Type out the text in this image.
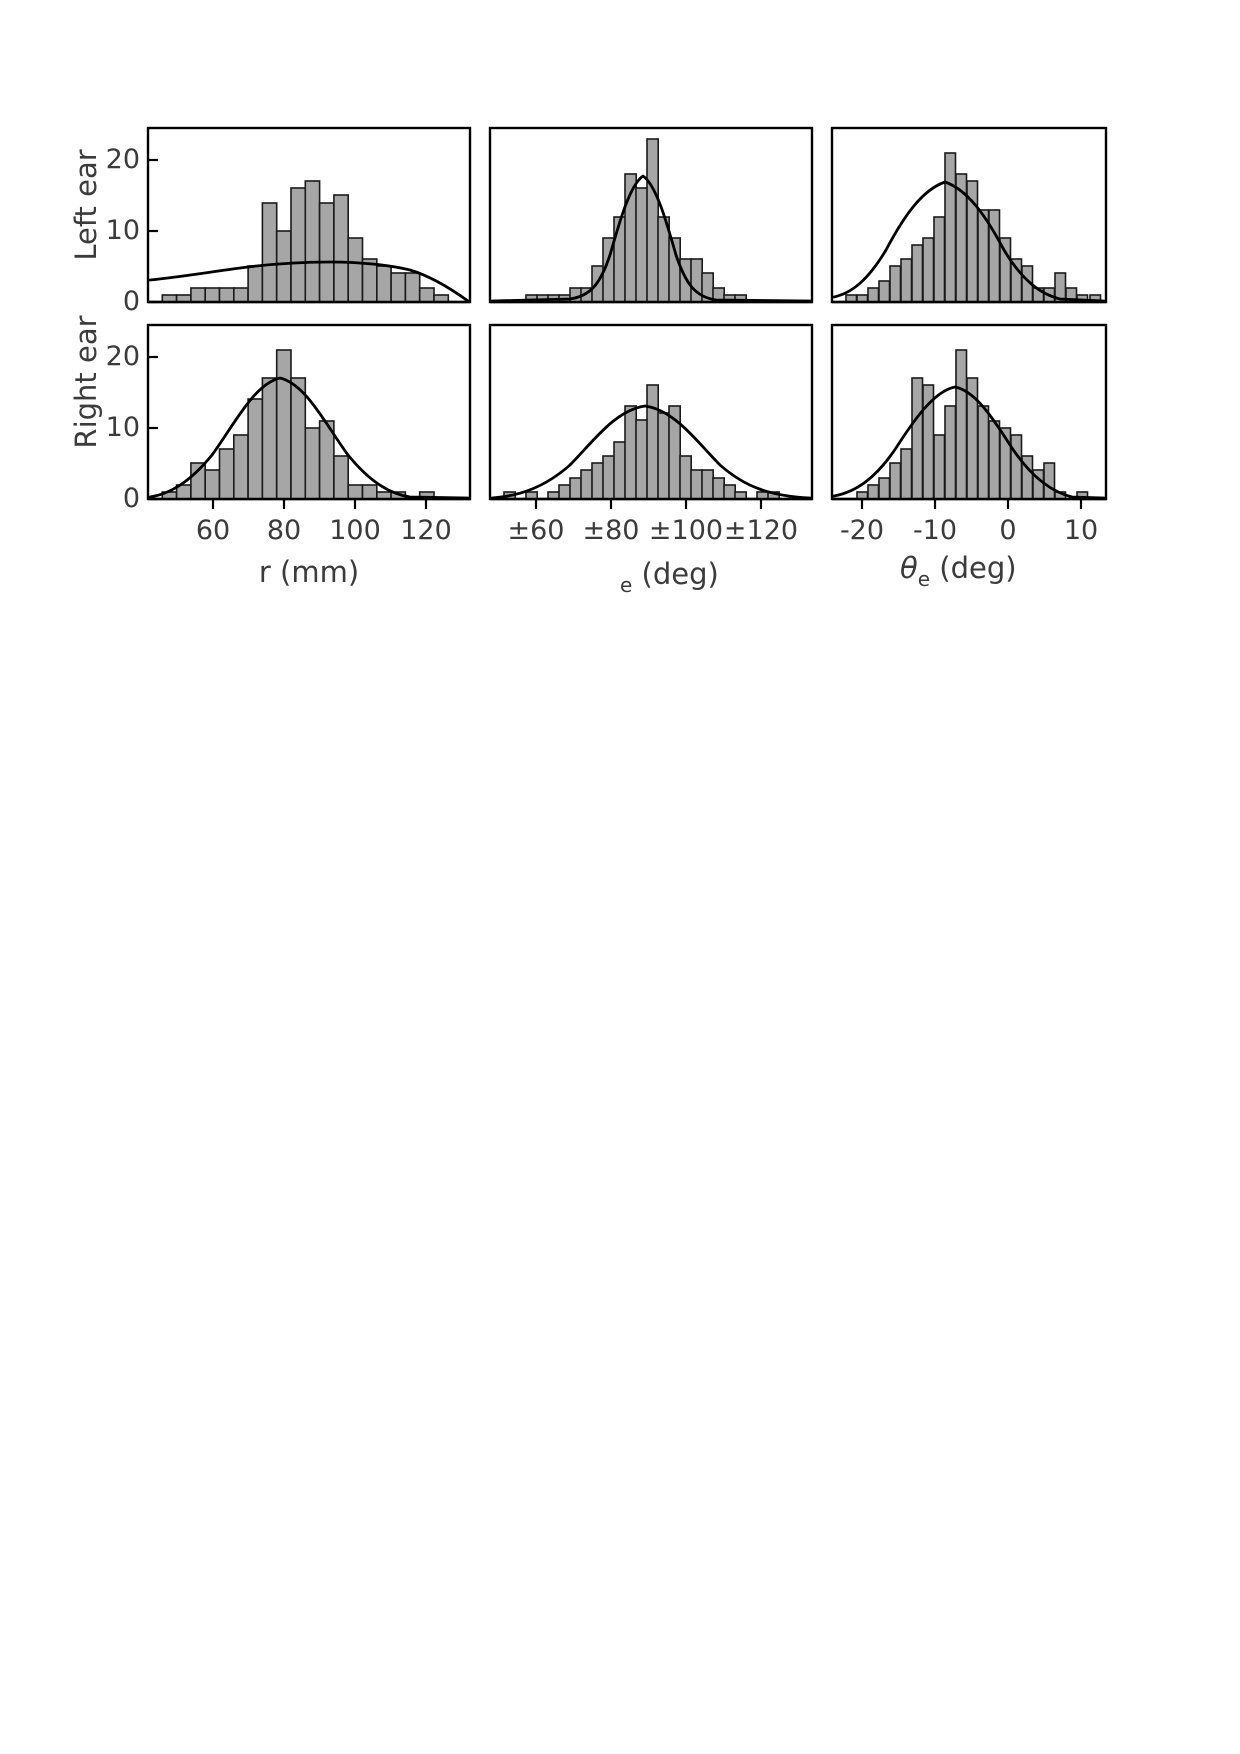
Left ear
Right ear
0
10
20
0
10
20
60 80 100 120
r (mm)
±60 ±80 ±100 ±120
$_e$ (deg)
-20 -10 0 10
$\theta_e$ (deg)
